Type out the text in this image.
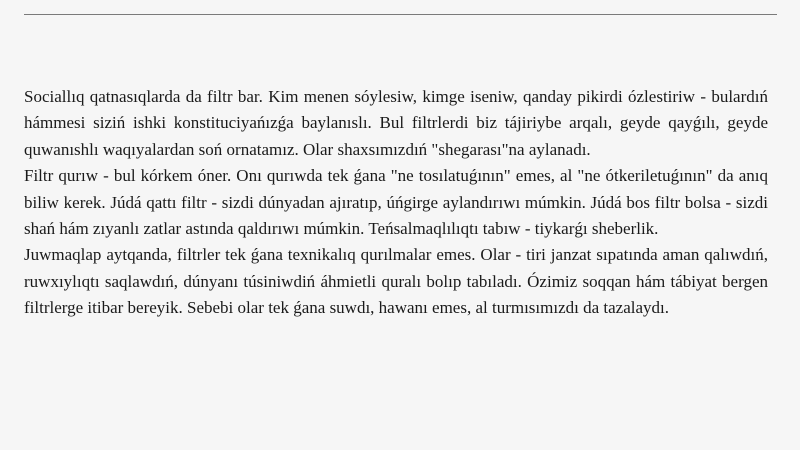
Sociallıq qatnasıqlarda da filtr bar. Kim menen sóylesiw, kimge iseniw, qanday pikirdi ózlestiriw - bulardıń hámmesi siziń ishki konstituciyańızǵa baylanıslı. Bul filtrlerdi biz tájiriybe arqalı, geyde qayǵılı, geyde quwanıshlı waqıyalardan soń ornatamız. Olar shaxsımızdıń "shegarası"na aylanadı.

Filtr qurıw - bul kórkem óner. Onı qurıwda tek ǵana "ne tosılatuǵının" emes, al "ne ótkeriletuǵının" da anıq biliw kerek. Júdá qattı filtr - sizdi dúnyadan ajıratıp, úńgirge aylandırıwı múmkin. Júdá bos filtr bolsa - sizdi shań hám zıyanlı zatlar astında qaldırıwı múmkin. Teńsalmaqlılıqtı tabıw - tiykarǵı sheberlik.

Juwmaqlap aytqanda, filtrler tek ǵana texnikalıq qurılmalar emes. Olar - tiri janzat sıpatında aman qalıwdıń, ruwxıylıqtı saqlawdıń, dúnyanı túsiniwdiń áhmietli quralı bolıp tabıladı. Ózimiz soqqan hám tábiyat bergen filtrlerge itibar bereyik. Sebebi olar tek ǵana suwdı, hawanı emes, al turmısımızdı da tazalaydı.
